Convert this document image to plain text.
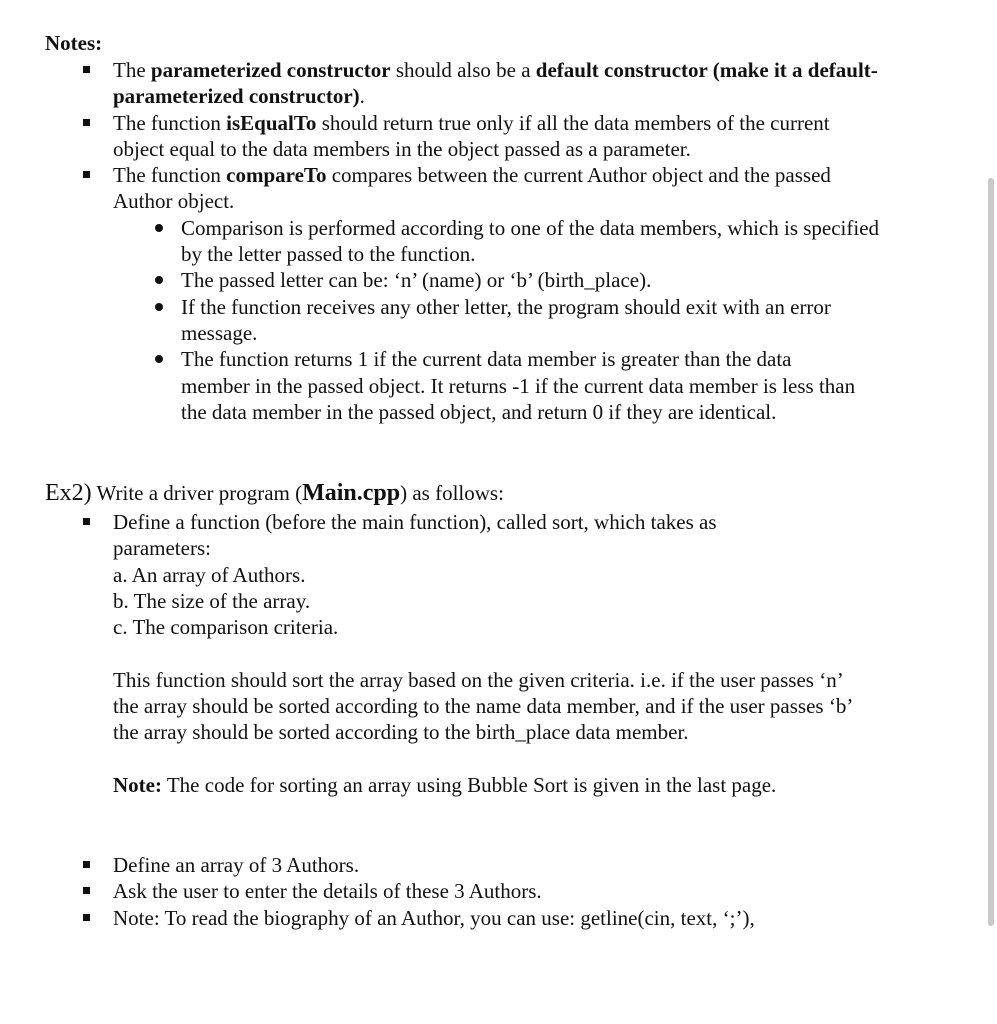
Notes:
The parameterized constructor should also be a default constructor (make it a default-parameterized constructor).
The function isEqualTo should return true only if all the data members of the current object equal to the data members in the object passed as a parameter.
The function compareTo compares between the current Author object and the passed Author object.
Comparison is performed according to one of the data members, which is specified by the letter passed to the function.
The passed letter can be: ‘n’ (name) or ‘b’ (birth_place).
If the function receives any other letter, the program should exit with an error message.
The function returns 1 if the current data member is greater than the data member in the passed object. It returns -1 if the current data member is less than the data member in the passed object, and return 0 if they are identical.
Ex2) Write a driver program (Main.cpp) as follows:
Define a function (before the main function), called sort, which takes as parameters:
a. An array of Authors.
b. The size of the array.
c. The comparison criteria.
This function should sort the array based on the given criteria. i.e. if the user passes ‘n’ the array should be sorted according to the name data member, and if the user passes ‘b’ the array should be sorted according to the birth_place data member.
Note: The code for sorting an array using Bubble Sort is given in the last page.
Define an array of 3 Authors.
Ask the user to enter the details of these 3 Authors.
Note: To read the biography of an Author, you can use: getline(cin, text, ‘;’),
